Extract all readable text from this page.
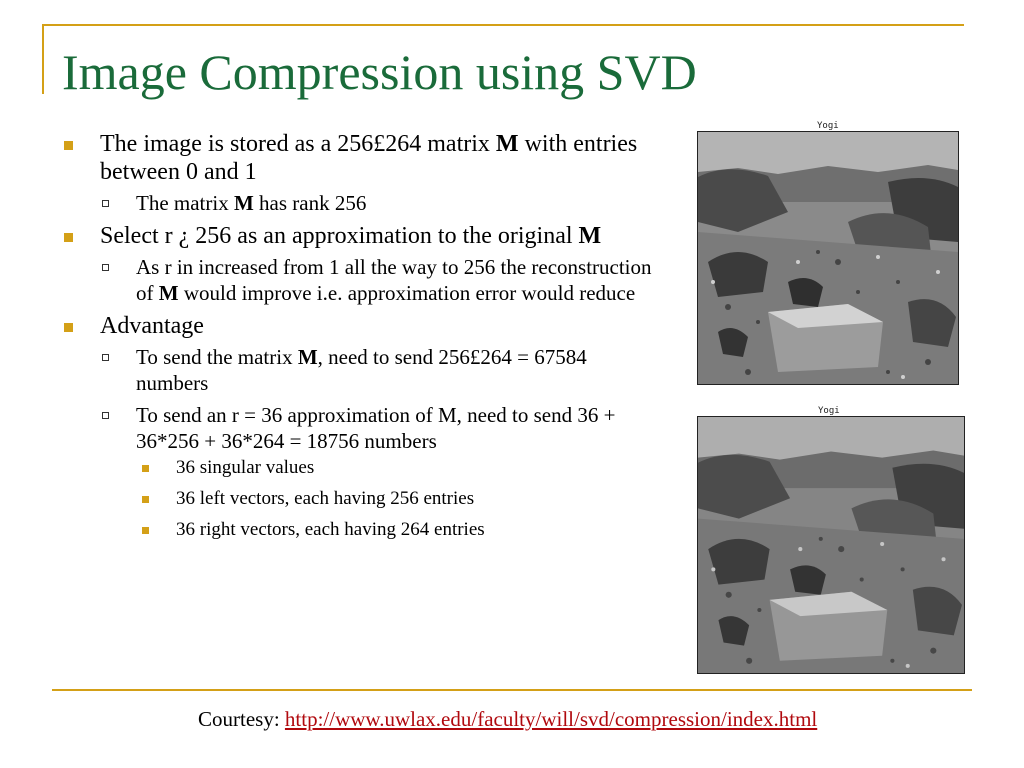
Image Compression using SVD
The image is stored as a 256£264 matrix M with entries between 0 and 1
The matrix M has rank 256
Select r ¿ 256 as an approximation to the original M
As r in increased from 1 all the way to 256 the reconstruction of M would improve i.e. approximation error would reduce
Advantage
To send the matrix M, need to send 256£264 = 67584 numbers
To send an r = 36 approximation of M, need to send 36 + 36*256 + 36*264 = 18756 numbers
36 singular values
36 left vectors, each having 256 entries
36 right vectors, each having 264 entries
Yogi
Yogi
Courtesy: http://www.uwlax.edu/faculty/will/svd/compression/index.html
